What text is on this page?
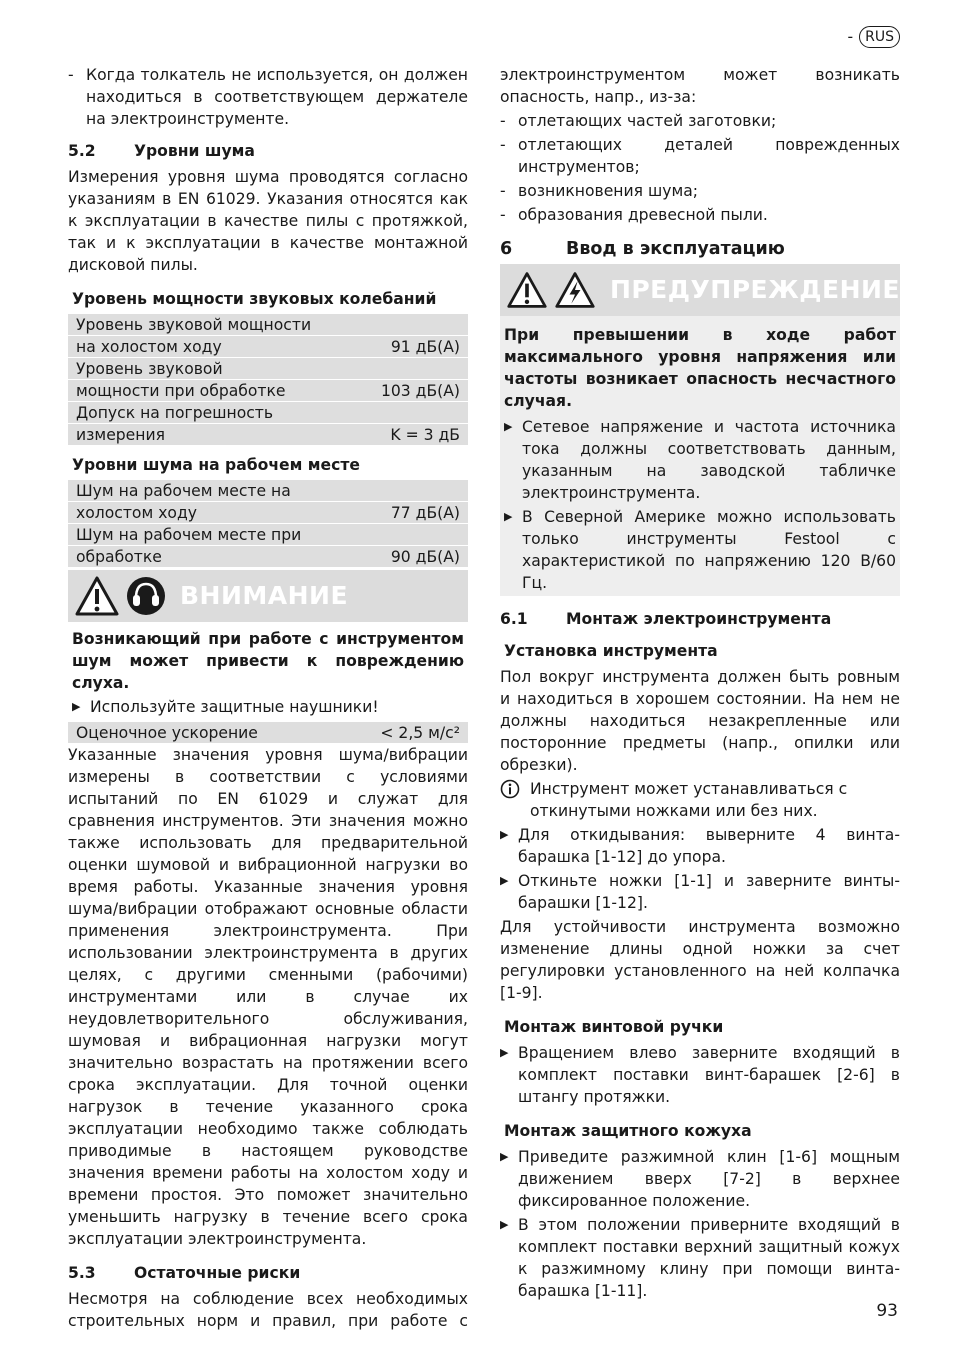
- RUS
- Когда толкатель не используется, он должен находиться в соответствующем держателе на электроинструменте.
5.2	Уровни шума

Измерения уровня шума проводятся согласно указаниям в EN 61029. Указания относятся как к эксплуатации в качестве пилы с протяжкой, так и к эксплуатации в качестве монтажной дисковой пилы.

Уровень мощности звуковых колебаний
Уровень звуковой мощности
на холостом ходу	91 дБ(А)
Уровень звуковой
мощности при обработке	103 дБ(А)
Допуск на погрешность
измерения	K = 3 дБ
Уровни шума на рабочем месте
Шум на рабочем месте на
холостом ходу	77 дБ(А)
Шум на рабочем месте при
обработке	90 дБ(А)
ВНИМАНИЕ
Возникающий при работе с инструментом шум может привести к повреждению слуха.
▶ Используйте защитные наушники!
Оценочное ускорение	< 2,5 м/с²

Указанные значения уровня шума/вибрации измерены в соответствии с условиями испытаний по EN 61029 и служат для сравнения инструментов. Эти значения можно также использовать для предварительной оценки шумовой и вибрационной нагрузки во время работы. Указанные значения уровня шума/вибрации отображают основные области применения электроинструмента. При использовании электроинструмента в других целях, с другими сменными (рабочими) инструментами или в случае их неудовлетворительного обслуживания, шумовая и вибрационная нагрузки могут значительно возрастать на протяжении всего срока эксплуатации. Для точной оценки нагрузок в течение указанного срока эксплуатации необходимо также соблюдать приводимые в настоящем руководстве значения времени работы на холостом ходу и времени простоя. Это поможет значительно уменьшить нагрузку в течение всего срока эксплуатации электроинструмента.

5.3	Остаточные риски

Несмотря на соблюдение всех необходимых строительных норм и правил, при работе с

электроинструментом может возникать опасность, напр., из-за:

- отлетающих частей заготовки;
- отлетающих деталей поврежденных инструментов;
- возникновения шума;
- образования древесной пыли.
6	Ввод в эксплуатацию
ПРЕДУПРЕЖДЕНИЕ
При превышении в ходе работ максимального уровня напряжения или частоты возникает опасность несчастного случая.
▶ Сетевое напряжение и частота источника тока должны соответствовать данным, указанным на заводской табличке электроинструмента.
▶ В Северной Америке можно использовать только инструменты Festool с характеристикой по напряжению 120 В/60 Гц.
6.1	Монтаж электроинструмента
Установка инструмента

Пол вокруг инструмента должен быть ровным и находиться в хорошем состоянии. На нем не должны находиться незакрепленные или посторонние предметы (напр., опилки или обрезки).

Инструмент может устанавливаться с откинутыми ножками или без них.
▶ Для откидывания: выверните 4 винта-барашка [1-12] до упора.
▶ Откиньте ножки [1-1] и заверните винты-барашки [1-12].

Для устойчивости инструмента возможно изменение длины одной ножки за счет регулировки установленного на ней колпачка [1-9].

Монтаж винтовой ручки
▶ Вращением влево заверните входящий в комплект поставки винт-барашек [2-6] в штангу протяжки.
Монтаж защитного кожуха
▶ Приведите разжимной клин [1-6] мощным движением вверх [7-2] в верхнее фиксированное положение.
▶ В этом положении приверните входящий в комплект поставки верхний защитный кожух к разжимному клину при помощи винта-барашка [1-11].
93
